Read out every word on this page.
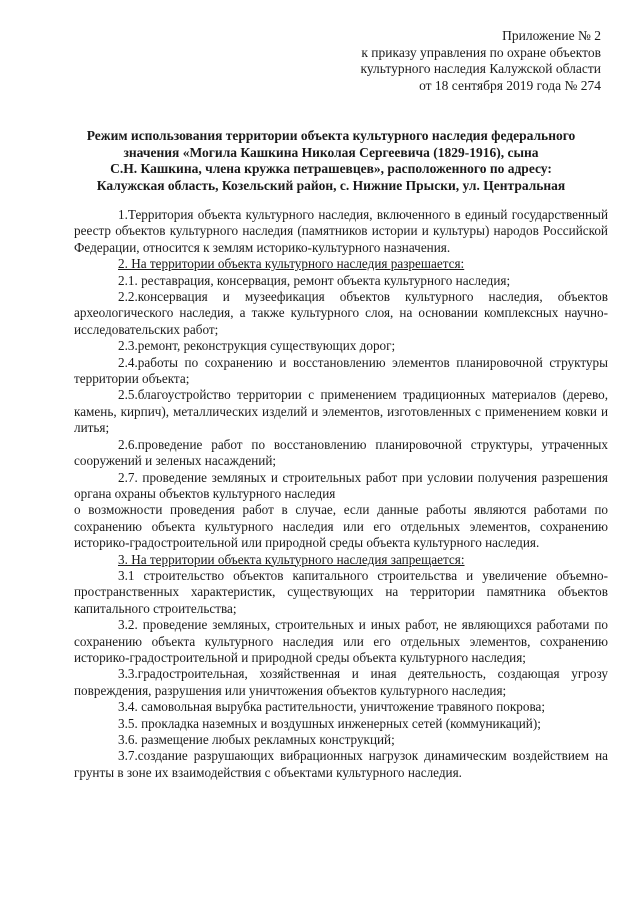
Приложение № 2
к приказу управления по охране объектов
культурного наследия Калужской области
от 18 сентября 2019 года № 274
Режим использования территории объекта культурного наследия федерального
значения «Могила Кашкина Николая Сергеевича (1829-1916), сына
С.Н. Кашкина, члена кружка петрашевцев», расположенного по адресу:
Калужская область, Козельский район, с. Нижние Прыски, ул. Центральная

1.Территория объекта культурного наследия, включенного в единый государственный реестр объектов культурного наследия (памятников истории и культуры) народов Российской Федерации, относится к землям историко-культурного назначения.

2. На территории объекта культурного наследия разрешается:

2.1. реставрация, консервация, ремонт объекта культурного наследия;

2.2.консервация и музеефикация объектов культурного наследия, объектов археологического наследия, а также культурного слоя, на основании комплексных научно-исследовательских работ;

2.3.ремонт, реконструкция существующих дорог;

2.4.работы по сохранению и восстановлению элементов планировочной структуры территории объекта;

2.5.благоустройство территории с применением традиционных материалов (дерево, камень, кирпич), металлических изделий и элементов, изготовленных с применением ковки и литья;

2.6.проведение работ по восстановлению планировочной структуры, утраченных сооружений и зеленых насаждений;

2.7. проведение земляных и строительных работ при условии получения разрешения органа охраны объектов культурного наследия

о возможности проведения работ в случае, если данные работы являются работами по сохранению объекта культурного наследия или его отдельных элементов, сохранению историко-градостроительной или природной среды объекта культурного наследия.

3. На территории объекта культурного наследия запрещается:

3.1 строительство объектов капитального строительства и увеличение объемно-пространственных характеристик, существующих на территории памятника объектов капитального строительства;

3.2. проведение земляных, строительных и иных работ, не являющихся работами по сохранению объекта культурного наследия или его отдельных элементов, сохранению историко-градостроительной и природной среды объекта культурного наследия;

3.3.градостроительная, хозяйственная и иная деятельность, создающая угрозу повреждения, разрушения или уничтожения объектов культурного наследия;

3.4. самовольная вырубка растительности, уничтожение травяного покрова;

3.5. прокладка наземных и воздушных инженерных сетей (коммуникаций);

3.6. размещение любых рекламных конструкций;

3.7.создание разрушающих вибрационных нагрузок динамическим воздействием на грунты в зоне их взаимодействия с объектами культурного наследия.
